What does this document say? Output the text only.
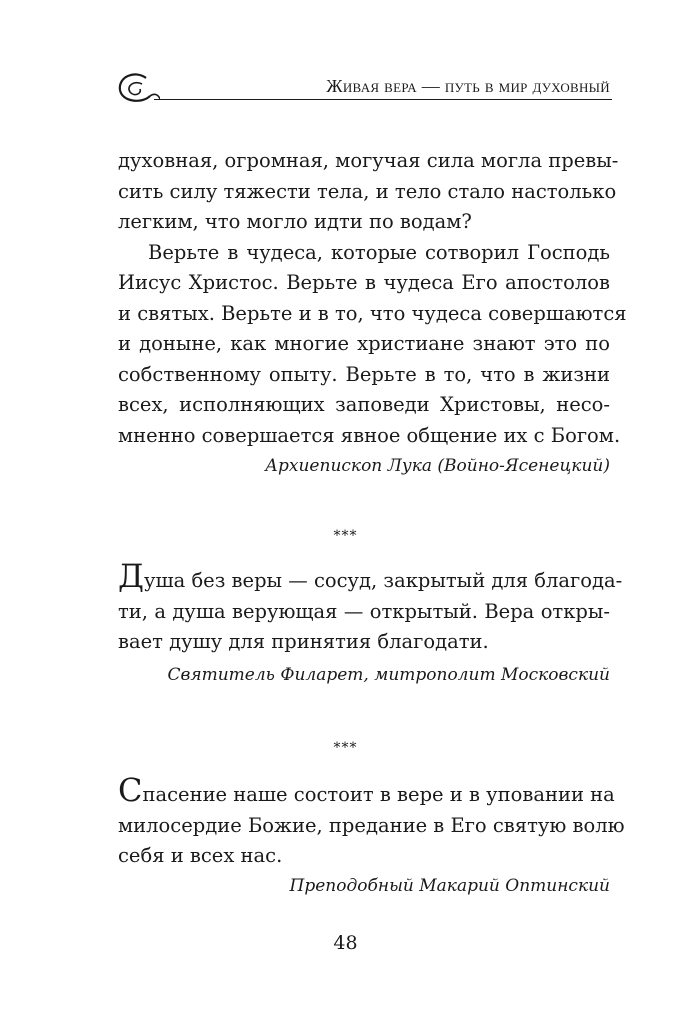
Живая вера — путь в мир духовный
духовная, огромная, могучая сила могла превы-
сить силу тяжести тела, и тело стало настолько
легким, что могло идти по водам?
Верьте в чудеса, которые сотворил Господь
Иисус Христос. Верьте в чудеса Его апостолов
и святых. Верьте и в то, что чудеса совершаются
и доныне, как многие христиане знают это по
собственному опыту. Верьте в то, что в жизни
всех, исполняющих заповеди Христовы, несо-
мненно совершается явное общение их с Богом.
Архиепископ Лука (Войно-Ясенецкий)
***
Душа без веры — сосуд, закрытый для благода-
ти, а душа верующая — открытый. Вера откры-
вает душу для принятия благодати.
Святитель Филарет, митрополит Московский
***
Спасение наше состоит в вере и в уповании на
милосердие Божие, предание в Его святую волю
себя и всех нас.
Преподобный Макарий Оптинский
48
